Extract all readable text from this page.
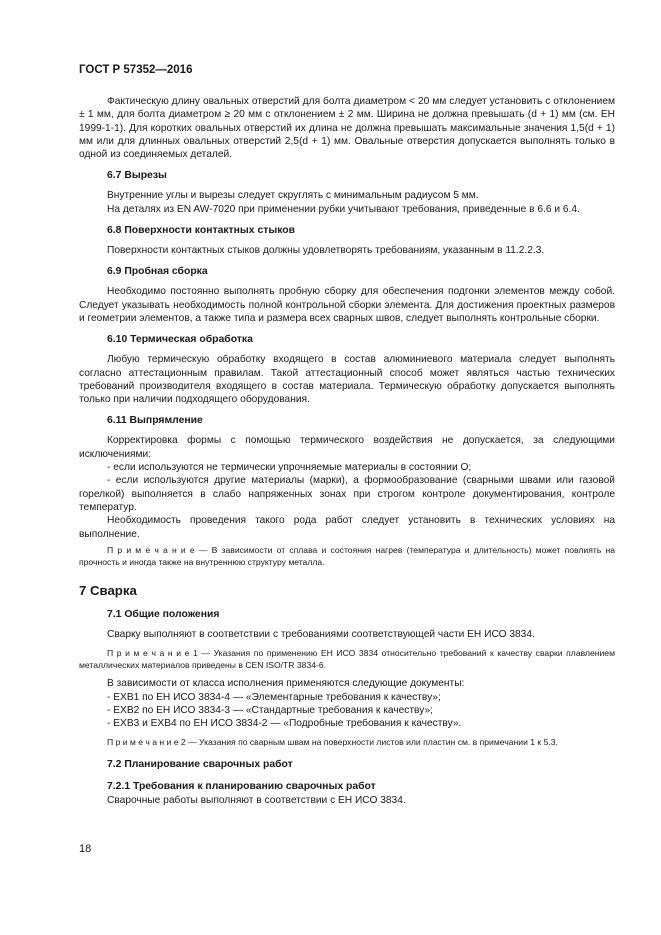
ГОСТ Р 57352—2016

Фактическую длину овальных отверстий для болта диаметром < 20 мм следует установить с отклонением ± 1 мм, для болта диаметром ≥ 20 мм с отклонением ± 2 мм. Ширина не должна превышать (d + 1) мм (см. ЕН 1999-1-1). Для коротких овальных отверстий их длина не должна превышать максимальные значения 1,5(d + 1) мм или для длинных овальных отверстий 2,5(d + 1) мм. Овальные отверстия допускается выполнять только в одной из соединяемых деталей.

6.7 Вырезы

Внутренние углы и вырезы следует скруглять с минимальным радиусом 5 мм.

На деталях из EN AW-7020 при применении рубки учитывают требования, приведенные в 6.6 и 6.4.

6.8 Поверхности контактных стыков

Поверхности контактных стыков должны удовлетворять требованиям, указанным в 11.2.2.3.

6.9 Пробная сборка

Необходимо постоянно выполнять пробную сборку для обеспечения подгонки элементов между собой. Следует указывать необходимость полной контрольной сборки элемента. Для достижения проектных размеров и геометрии элементов, а также типа и размера всех сварных швов, следует выполнять контрольные сборки.

6.10 Термическая обработка

Любую термическую обработку входящего в состав алюминиевого материала следует выполнять согласно аттестационным правилам. Такой аттестационный способ может являться частью технических требований производителя входящего в состав материала. Термическую обработку допускается выполнять только при наличии подходящего оборудования.

6.11 Выпрямление

Корректировка формы с помощью термического воздействия не допускается, за следующими исключениями:

- если используются не термически упрочняемые материалы в состоянии О;

- если используются другие материалы (марки), а формообразование (сварными швами или газовой горелкой) выполняется в слабо напряженных зонах при строгом контроле документирования, контроле температур.

Необходимость проведения такого рода работ следует установить в технических условиях на выполнение.

П р и м е ч а н и е — В зависимости от сплава и состояния нагрев (температура и длительность) может повлиять на прочность и иногда также на внутреннюю структуру металла.
7 Сварка
7.1 Общие положения

Сварку выполняют в соответствии с требованиями соответствующей части ЕН ИСО 3834.

П р и м е ч а н и е 1 — Указания по применению ЕН ИСО 3834 относительно требований к качеству сварки плавлением металлических материалов приведены в CEN ISO/TR 3834-6.

В зависимости от класса исполнения применяются следующие документы:

- EXB1 по ЕН ИСО 3834-4 — «Элементарные требования к качеству»;

- EXB2 по ЕН ИСО 3834-3 — «Стандартные требования к качеству»;

- EXB3 и EXB4 по ЕН ИСО 3834-2 — «Подробные требования к качеству».

П р и м е ч а н и е 2 — Указания по сварным швам на поверхности листов или пластин см. в примечании 1 к 5.3.
7.2 Планирование сварочных работ
7.2.1 Требования к планированию сварочных работ

Сварочные работы выполняют в соответствии с ЕН ИСО 3834.

18
